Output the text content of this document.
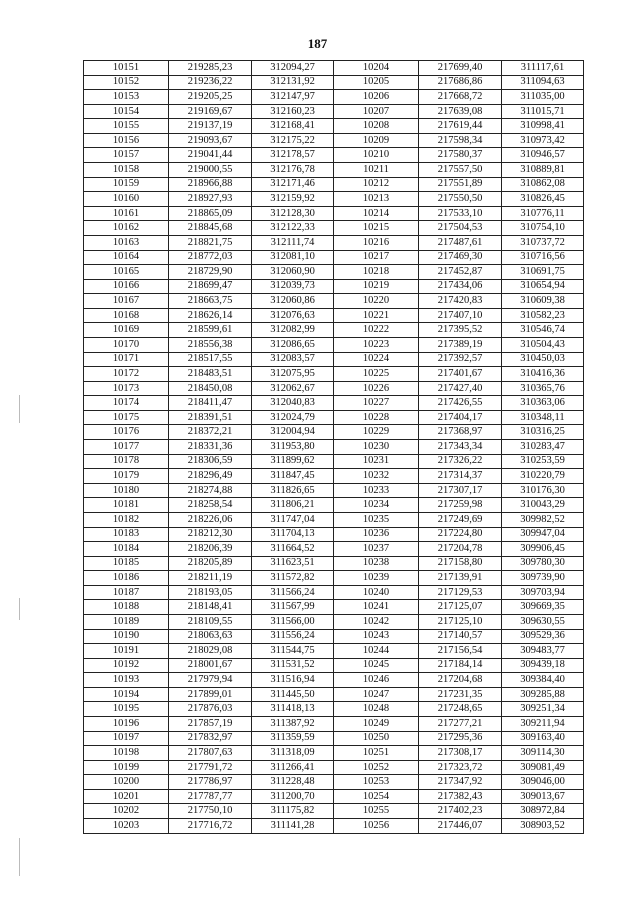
187
10151	219285,23	312094,27	10204	217699,40	311117,61
10152	219236,22	312131,92	10205	217686,86	311094,63
10153	219205,25	312147,97	10206	217668,72	311035,00
10154	219169,67	312160,23	10207	217639,08	311015,71
10155	219137,19	312168,41	10208	217619,44	310998,41
10156	219093,67	312175,22	10209	217598,34	310973,42
10157	219041,44	312178,57	10210	217580,37	310946,57
10158	219000,55	312176,78	10211	217557,50	310889,81
10159	218966,88	312171,46	10212	217551,89	310862,08
10160	218927,93	312159,92	10213	217550,50	310826,45
10161	218865,09	312128,30	10214	217533,10	310776,11
10162	218845,68	312122,33	10215	217504,53	310754,10
10163	218821,75	312111,74	10216	217487,61	310737,72
10164	218772,03	312081,10	10217	217469,30	310716,56
10165	218729,90	312060,90	10218	217452,87	310691,75
10166	218699,47	312039,73	10219	217434,06	310654,94
10167	218663,75	312060,86	10220	217420,83	310609,38
10168	218626,14	312076,63	10221	217407,10	310582,23
10169	218599,61	312082,99	10222	217395,52	310546,74
10170	218556,38	312086,65	10223	217389,19	310504,43
10171	218517,55	312083,57	10224	217392,57	310450,03
10172	218483,51	312075,95	10225	217401,67	310416,36
10173	218450,08	312062,67	10226	217427,40	310365,76
10174	218411,47	312040,83	10227	217426,55	310363,06
10175	218391,51	312024,79	10228	217404,17	310348,11
10176	218372,21	312004,94	10229	217368,97	310316,25
10177	218331,36	311953,80	10230	217343,34	310283,47
10178	218306,59	311899,62	10231	217326,22	310253,59
10179	218296,49	311847,45	10232	217314,37	310220,79
10180	218274,88	311826,65	10233	217307,17	310176,30
10181	218258,54	311806,21	10234	217259,98	310043,29
10182	218226,06	311747,04	10235	217249,69	309982,52
10183	218212,30	311704,13	10236	217224,80	309947,04
10184	218206,39	311664,52	10237	217204,78	309906,45
10185	218205,89	311623,51	10238	217158,80	309780,30
10186	218211,19	311572,82	10239	217139,91	309739,90
10187	218193,05	311566,24	10240	217129,53	309703,94
10188	218148,41	311567,99	10241	217125,07	309669,35
10189	218109,55	311566,00	10242	217125,10	309630,55
10190	218063,63	311556,24	10243	217140,57	309529,36
10191	218029,08	311544,75	10244	217156,54	309483,77
10192	218001,67	311531,52	10245	217184,14	309439,18
10193	217979,94	311516,94	10246	217204,68	309384,40
10194	217899,01	311445,50	10247	217231,35	309285,88
10195	217876,03	311418,13	10248	217248,65	309251,34
10196	217857,19	311387,92	10249	217277,21	309211,94
10197	217832,97	311359,59	10250	217295,36	309163,40
10198	217807,63	311318,09	10251	217308,17	309114,30
10199	217791,72	311266,41	10252	217323,72	309081,49
10200	217786,97	311228,48	10253	217347,92	309046,00
10201	217787,77	311200,70	10254	217382,43	309013,67
10202	217750,10	311175,82	10255	217402,23	308972,84
10203	217716,72	311141,28	10256	217446,07	308903,52
